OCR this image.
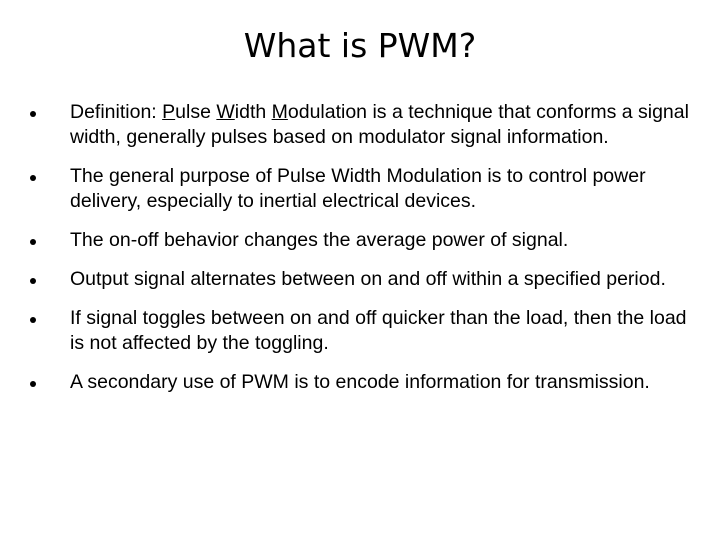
What is PWM?
Definition: Pulse Width Modulation is a technique that conforms a signal width, generally pulses based on modulator signal information.
The general purpose of Pulse Width Modulation is to control power delivery, especially to inertial electrical devices.
The on-off behavior changes the average power of signal.
Output signal alternates between on and off within a specified period.
If signal toggles between on and off quicker than the load, then the load is not affected by the toggling.
A secondary use of PWM is to encode information for transmission.
